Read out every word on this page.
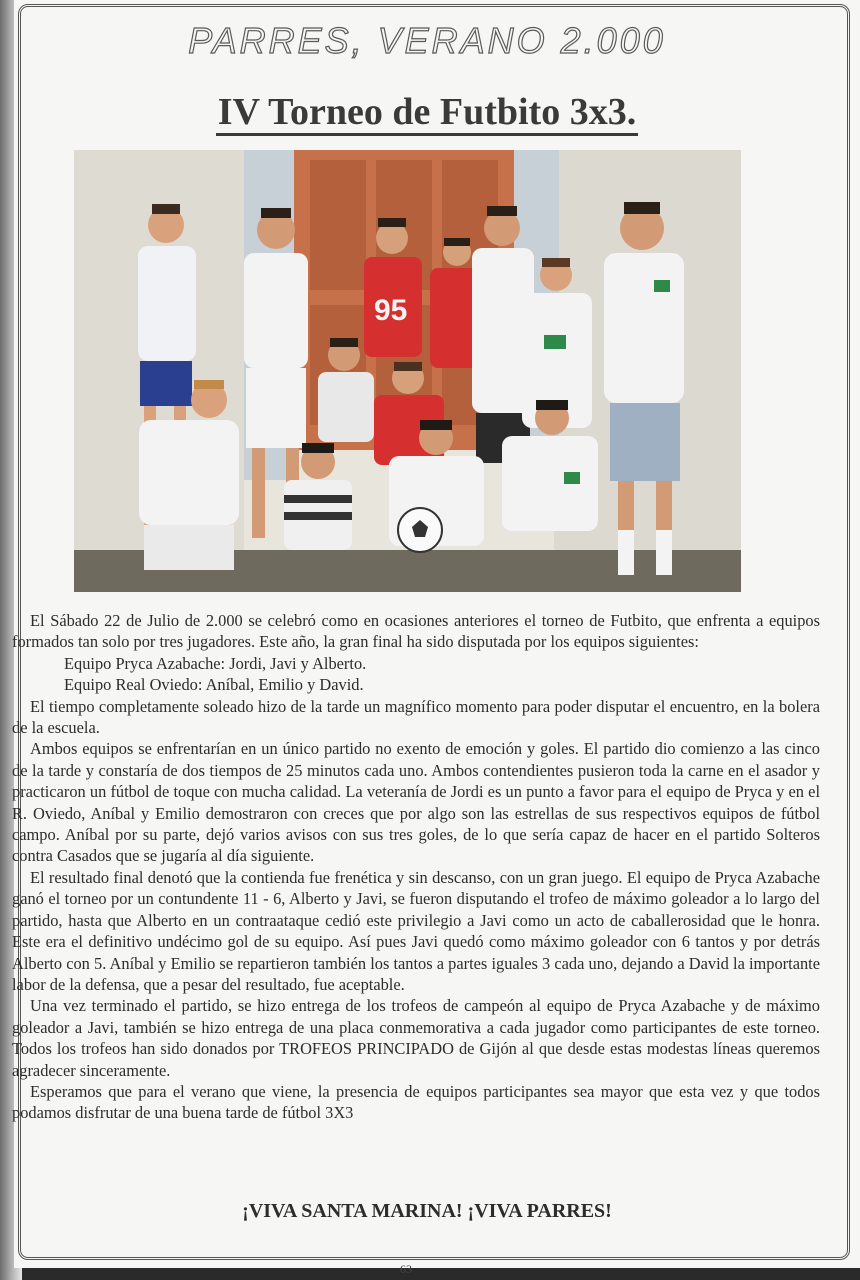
PARRES, VERANO 2.000
IV Torneo de Futbito 3x3.
95

El Sábado 22 de Julio de 2.000 se celebró como en ocasiones anteriores el torneo de Futbito, que enfrenta a equipos formados tan solo por tres jugadores. Este año, la gran final ha sido disputada por los equipos siguientes:

Equipo Pryca Azabache: Jordi, Javi y Alberto.

Equipo Real Oviedo: Aníbal, Emilio y David.

El tiempo completamente soleado hizo de la tarde un magnífico momento para poder disputar el encuentro, en la bolera de la escuela.

Ambos equipos se enfrentarían en un único partido no exento de emoción y goles. El partido dio comienzo a las cinco de la tarde y constaría de dos tiempos de 25 minutos cada uno. Ambos contendientes pusieron toda la carne en el asador y practicaron un fútbol de toque con mucha calidad. La veteranía de Jordi es un punto a favor para el equipo de Pryca y en el R. Oviedo, Aníbal y Emilio demostraron con creces que por algo son las estrellas de sus respectivos equipos de fútbol campo. Aníbal por su parte, dejó varios avisos con sus tres goles, de lo que sería capaz de hacer en el partido Solteros contra Casados que se jugaría al día siguiente.

El resultado final denotó que la contienda fue frenética y sin descanso, con un gran juego. El equipo de Pryca Azabache ganó el torneo por un contundente 11 - 6, Alberto y Javi, se fueron disputando el trofeo de máximo goleador a lo largo del partido, hasta que Alberto en un contraataque cedió este privilegio a Javi como un acto de caballerosidad que le honra. Este era el definitivo undécimo gol de su equipo. Así pues Javi quedó como máximo goleador con 6 tantos y por detrás Alberto con 5. Aníbal y Emilio se repartieron también los tantos a partes iguales 3 cada uno, dejando a David la importante labor de la defensa, que a pesar del resultado, fue aceptable.

Una vez terminado el partido, se hizo entrega de los trofeos de campeón al equipo de Pryca Azabache y de máximo goleador a Javi, también se hizo entrega de una placa conmemorativa a cada jugador como participantes de este torneo. Todos los trofeos han sido donados por TROFEOS PRINCIPADO de Gijón al que desde estas modestas líneas queremos agradecer sinceramente.

Esperamos que para el verano que viene, la presencia de equipos participantes sea mayor que esta vez y que todos podamos disfrutar de una buena tarde de fútbol 3X3

¡VIVA SANTA MARINA! ¡VIVA PARRES!
63
